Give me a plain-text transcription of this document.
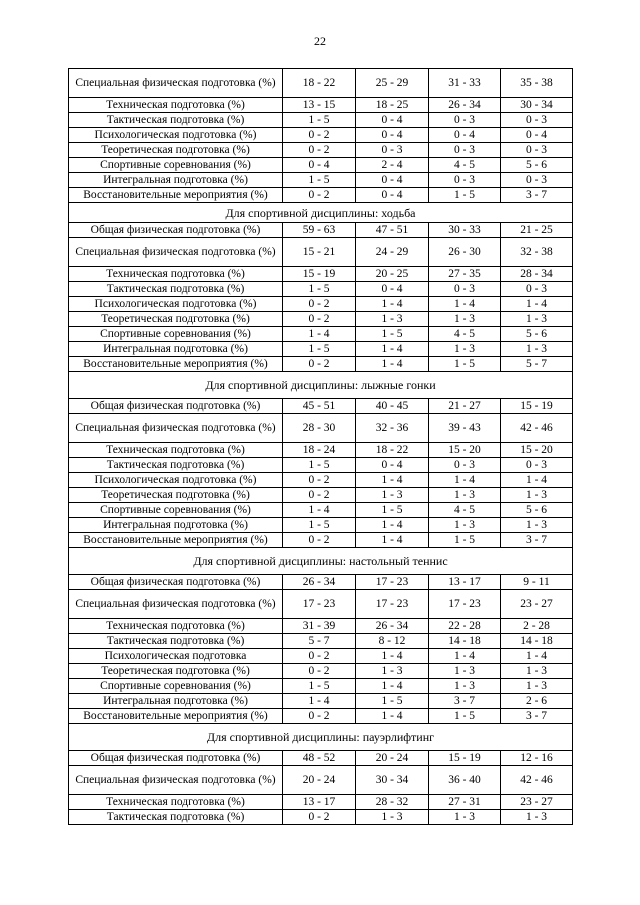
22
Специальная физическая подготовка (%)	18 - 22	25 - 29	31 - 33	35 - 38
Техническая подготовка (%)	13 - 15	18 - 25	26 - 34	30 - 34
Тактическая подготовка (%)	1 - 5	0 - 4	0 - 3	0 - 3
Психологическая подготовка (%)	0 - 2	0 - 4	0 - 4	0 - 4
Теоретическая подготовка (%)	0 - 2	0 - 3	0 - 3	0 - 3
Спортивные соревнования (%)	0 - 4	2 - 4	4 - 5	5 - 6
Интегральная подготовка (%)	1 - 5	0 - 4	0 - 3	0 - 3
Восстановительные мероприятия (%)	0 - 2	0 - 4	1 - 5	3 - 7
Для спортивной дисциплины: ходьба				
Общая физическая подготовка (%)	59 - 63	47 - 51	30 - 33	21 - 25
Специальная физическая подготовка (%)	15 - 21	24 - 29	26 - 30	32 - 38
Техническая подготовка (%)	15 - 19	20 - 25	27 - 35	28 - 34
Тактическая подготовка (%)	1 - 5	0 - 4	0 - 3	0 - 3
Психологическая подготовка (%)	0 - 2	1 - 4	1 - 4	1 - 4
Теоретическая подготовка (%)	0 - 2	1 - 3	1 - 3	1 - 3
Спортивные соревнования (%)	1 - 4	1 - 5	4 - 5	5 - 6
Интегральная подготовка (%)	1 - 5	1 - 4	1 - 3	1 - 3
Восстановительные мероприятия (%)	0 - 2	1 - 4	1 - 5	5 - 7
Для спортивной дисциплины: лыжные гонки				
Общая физическая подготовка (%)	45 - 51	40 - 45	21 - 27	15 - 19
Специальная физическая подготовка (%)	28 - 30	32 - 36	39 - 43	42 - 46
Техническая подготовка (%)	18 - 24	18 - 22	15 - 20	15 - 20
Тактическая подготовка (%)	1 - 5	0 - 4	0 - 3	0 - 3
Психологическая подготовка (%)	0 - 2	1 - 4	1 - 4	1 - 4
Теоретическая подготовка (%)	0 - 2	1 - 3	1 - 3	1 - 3
Спортивные соревнования (%)	1 - 4	1 - 5	4 - 5	5 - 6
Интегральная подготовка (%)	1 - 5	1 - 4	1 - 3	1 - 3
Восстановительные мероприятия (%)	0 - 2	1 - 4	1 - 5	3 - 7
Для спортивной дисциплины: настольный теннис				
Общая физическая подготовка (%)	26 - 34	17 - 23	13 - 17	9 - 11
Специальная физическая подготовка (%)	17 - 23	17 - 23	17 - 23	23 - 27
Техническая подготовка (%)	31 - 39	26 - 34	22 - 28	2 - 28
Тактическая подготовка (%)	5 - 7	8 - 12	14 - 18	14 - 18
Психологическая подготовка	0 - 2	1 - 4	1 - 4	1 - 4
Теоретическая подготовка (%)	0 - 2	1 - 3	1 - 3	1 - 3
Спортивные соревнования (%)	1 - 5	1 - 4	1 - 3	1 - 3
Интегральная подготовка (%)	1 - 4	1 - 5	3 - 7	2 - 6
Восстановительные мероприятия (%)	0 - 2	1 - 4	1 - 5	3 - 7
Для спортивной дисциплины: пауэрлифтинг				
Общая физическая подготовка (%)	48 - 52	20 - 24	15 - 19	12 - 16
Специальная физическая подготовка (%)	20 - 24	30 - 34	36 - 40	42 - 46
Техническая подготовка (%)	13 - 17	28 - 32	27 - 31	23 - 27
Тактическая подготовка (%)	0 - 2	1 - 3	1 - 3	1 - 3
